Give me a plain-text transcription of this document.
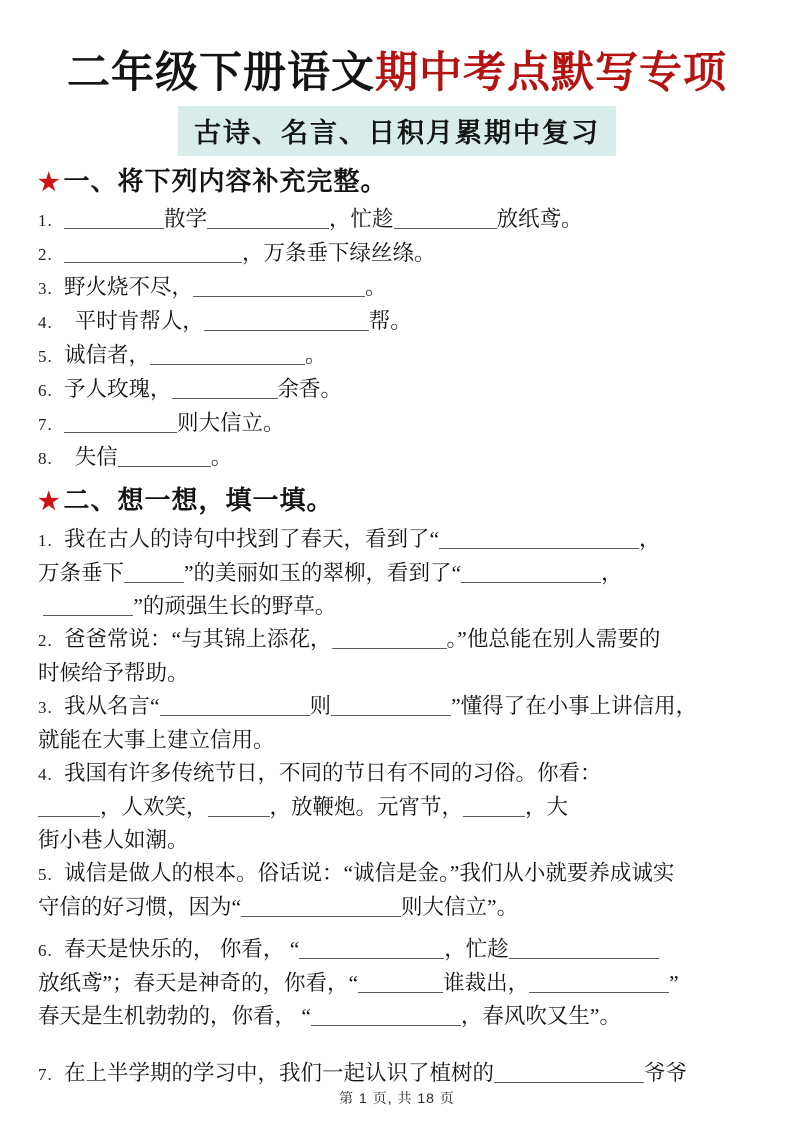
二年级下册语文期中考点默写专项
古诗、名言、日积月累期中复习
★ 一、将下列内容补充完整。
1.	散学	，忙趁	放纸鸢。
2.	，万条垂下绿丝绦。
3. 野火烧不尽，	。
4.  平时肯帮人，	帮。
5. 诚信者，	。
6. 予人玫瑰，	余香。
7.	则大信立。
8.  失信	。
★ 二、想一想，填一填。
1. 我在古人的诗句中找到了春天，看到了“	，
万条垂下	”的美丽如玉的翠柳，看到了“	，
”的顽强生长的野草。
2. 爸爸常说：“与其锦上添花，	。”他总能在别人需要的
时候给予帮助。
3. 我从名言“	则	”懂得了在小事上讲信用，
就能在大事上建立信用。
4. 我国有许多传统节日，不同的节日有不同的习俗。你看：
，人欢笑，	，放鞭炮。元宵节，	，大
街小巷人如潮。
5. 诚信是做人的根本。俗话说：“诚信是金。”我们从小就要养成诚实
守信的好习惯，因为“	则大信立”。
6. 春天是快乐的， 你看， “	，忙趁
放纸鸢”；春天是神奇的，你看，“	谁裁出，	”
春天是生机勃勃的，你看， “	，春风吹又生”。
7. 在上半学期的学习中，我们一起认识了植树的	爷爷
第 1 页, 共 18 页
